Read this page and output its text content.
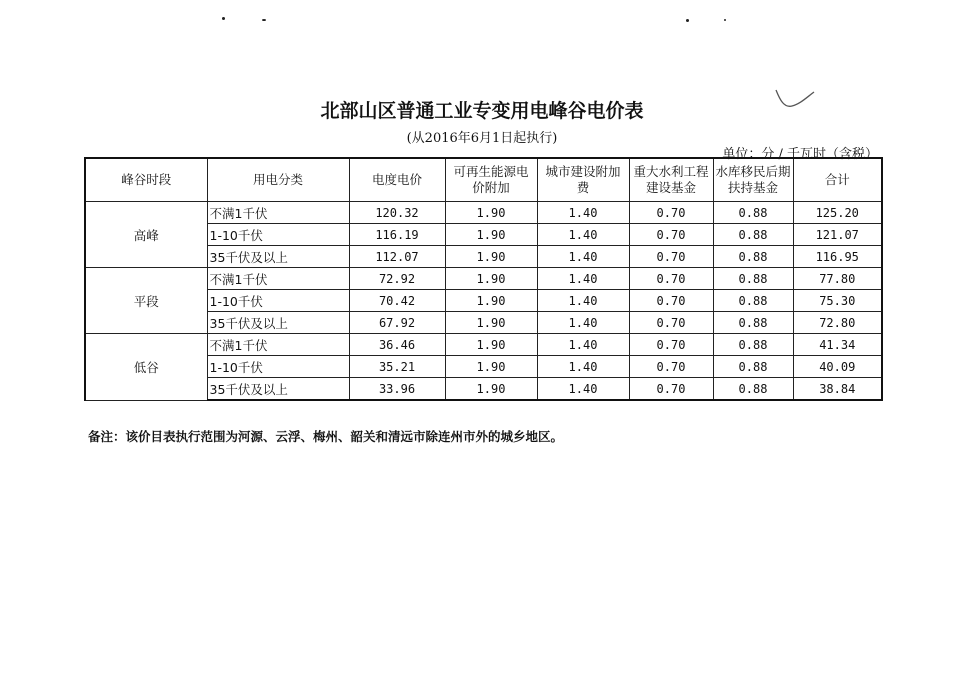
北部山区普通工业专变用电峰谷电价表
(从2016年6月1日起执行)
单位：分 / 千瓦时（含税）
峰谷时段	用电分类	电度电价	可再生能源电价附加	城市建设附加费	重大水利工程建设基金	水库移民后期扶持基金	合计
高峰	不满1千伏	120.32	1.90	1.40	0.70	0.88	125.20
	1-10千伏	116.19	1.90	1.40	0.70	0.88	121.07
	35千伏及以上	112.07	1.90	1.40	0.70	0.88	116.95
平段	不满1千伏	72.92	1.90	1.40	0.70	0.88	77.80
	1-10千伏	70.42	1.90	1.40	0.70	0.88	75.30
	35千伏及以上	67.92	1.90	1.40	0.70	0.88	72.80
低谷	不满1千伏	36.46	1.90	1.40	0.70	0.88	41.34
	1-10千伏	35.21	1.90	1.40	0.70	0.88	40.09
	35千伏及以上	33.96	1.90	1.40	0.70	0.88	38.84
备注：该价目表执行范围为河源、云浮、梅州、韶关和清远市除连州市外的城乡地区。
